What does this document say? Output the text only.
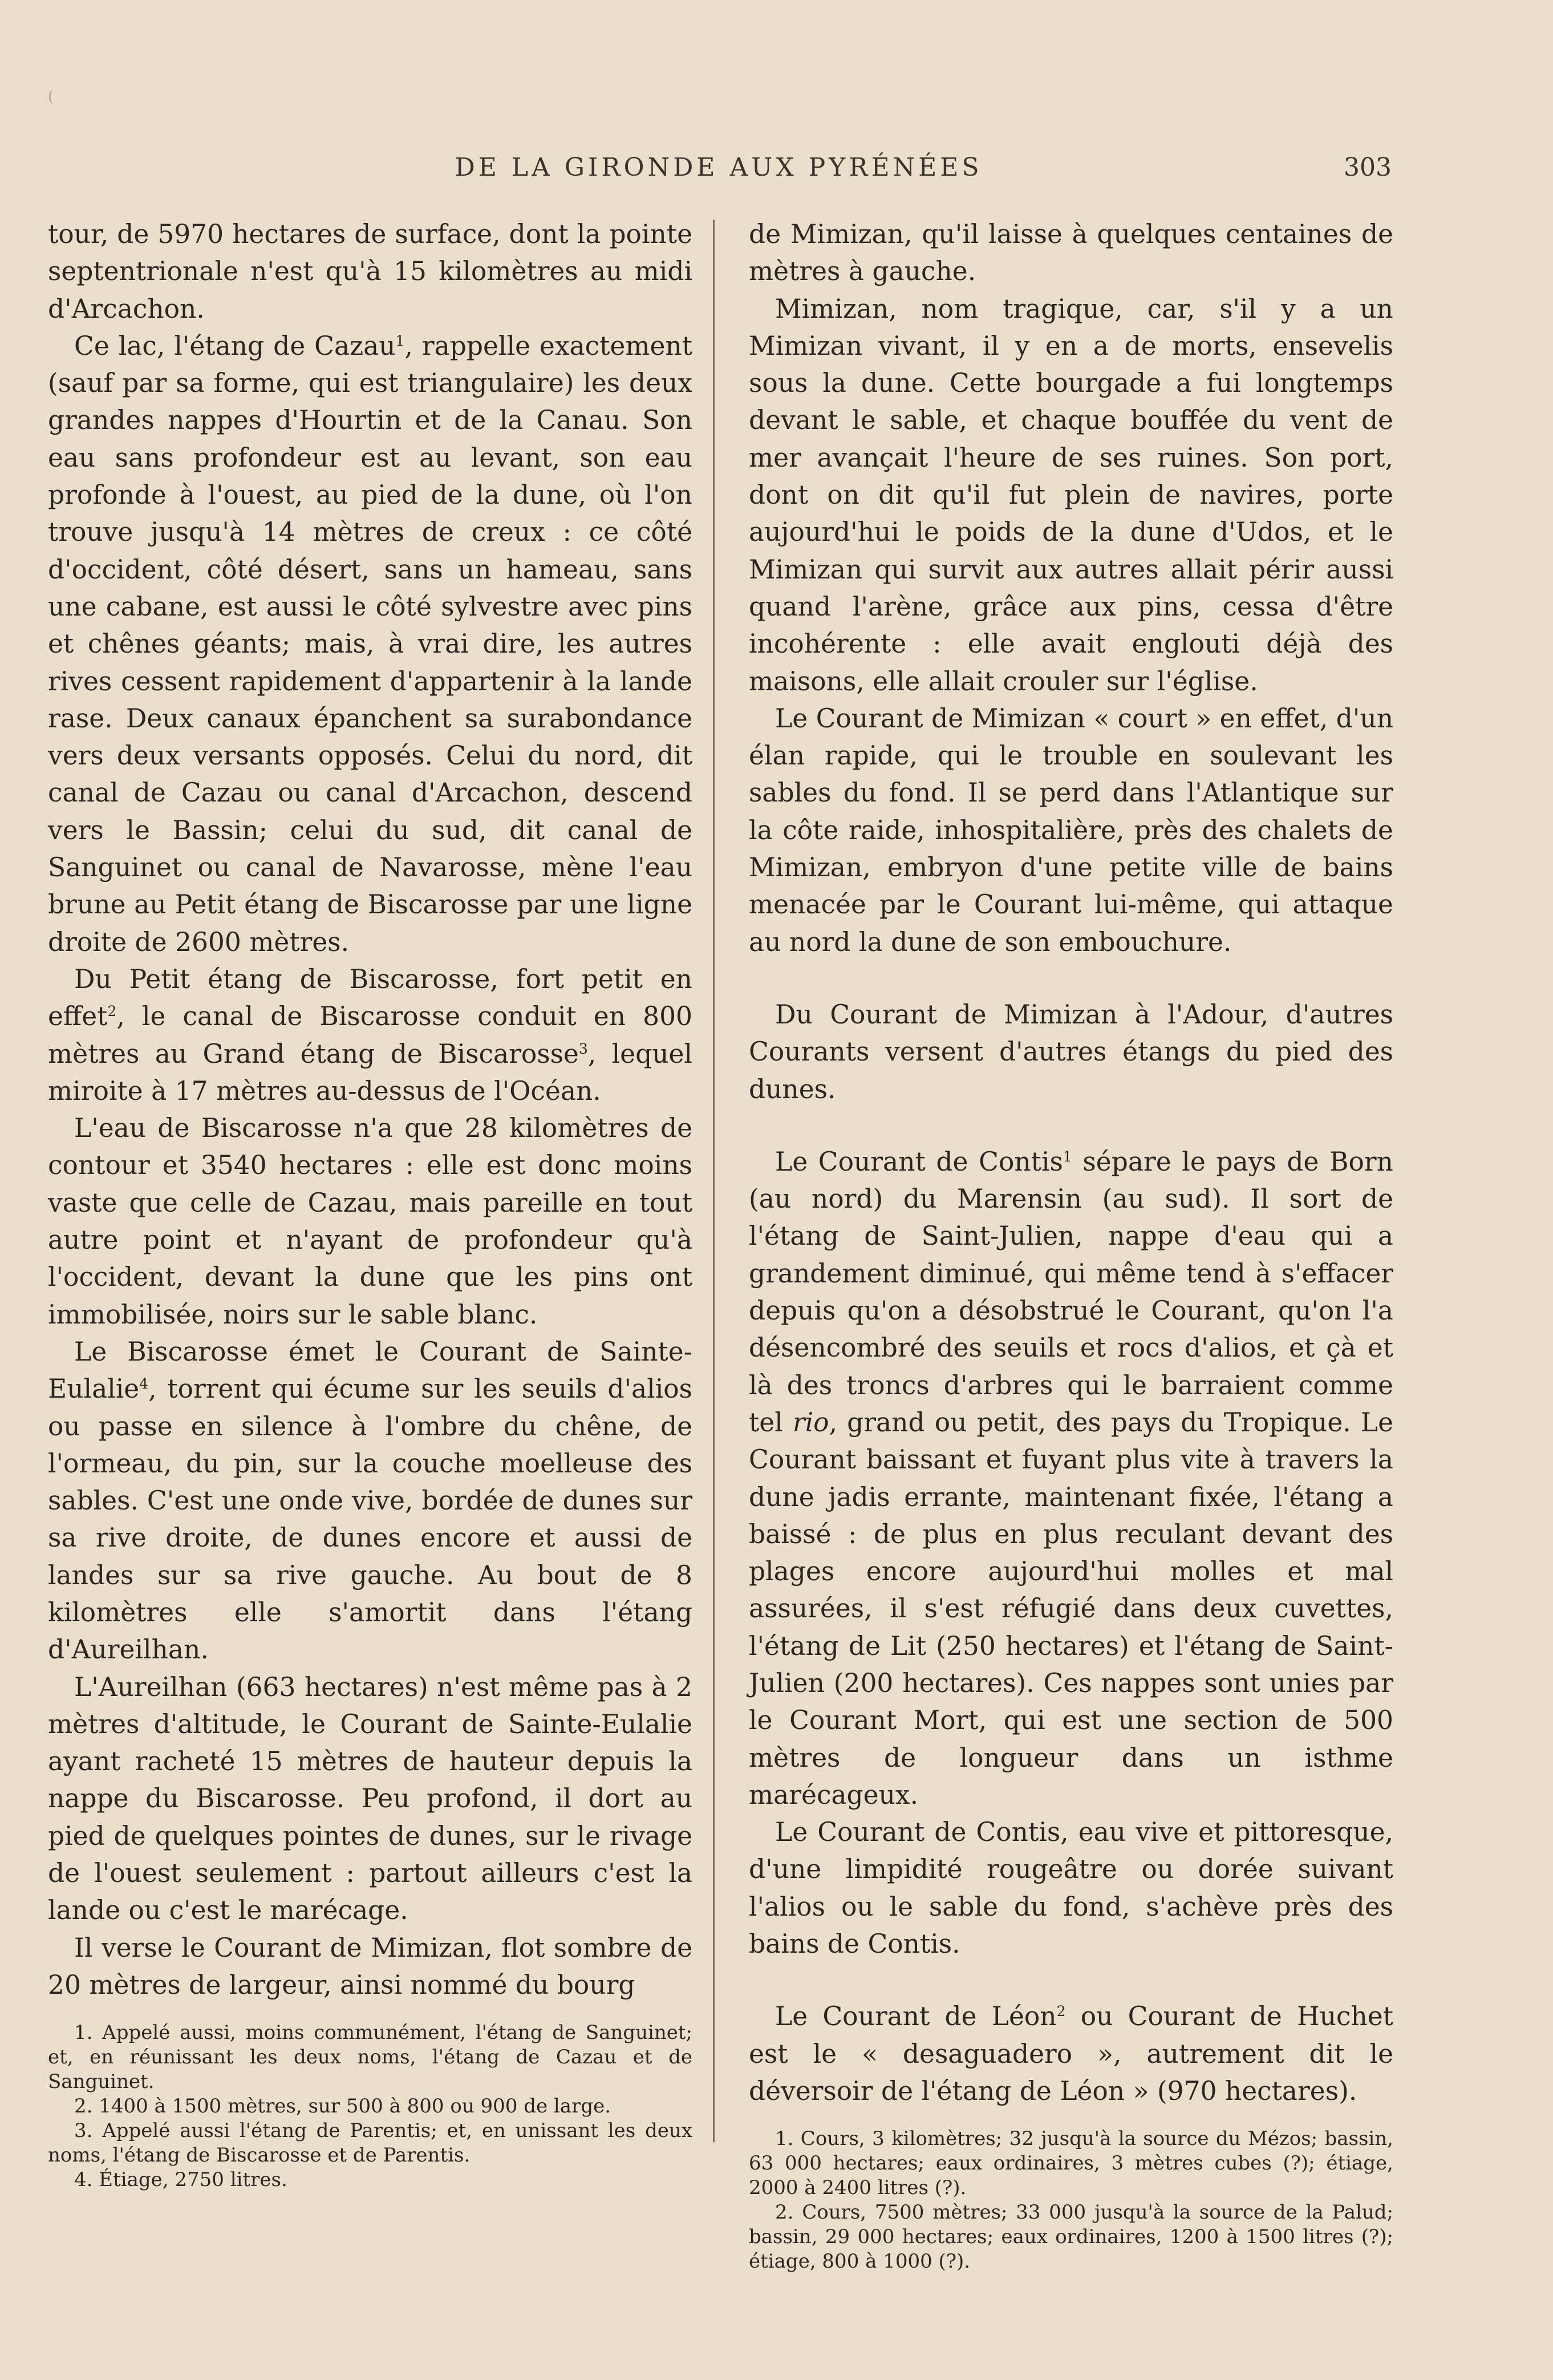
DE LA GIRONDE AUX PYRÉNÉES	303

tour, de 5970 hectares de surface, dont la pointe septentrionale n'est qu'à 15 kilomètres au midi d'Arcachon.

Ce lac, l'étang de Cazau$^1$, rappelle exactement (sauf par sa forme, qui est triangulaire) les deux grandes nappes d'Hourtin et de la Canau. Son eau sans profondeur est au levant, son eau profonde à l'ouest, au pied de la dune, où l'on trouve jusqu'à 14 mètres de creux : ce côté d'occident, côté désert, sans un hameau, sans une cabane, est aussi le côté sylvestre avec pins et chênes géants; mais, à vrai dire, les autres rives cessent rapidement d'appartenir à la lande rase. Deux canaux épanchent sa surabondance vers deux versants opposés. Celui du nord, dit canal de Cazau ou canal d'Arcachon, descend vers le Bassin; celui du sud, dit canal de Sanguinet ou canal de Navarosse, mène l'eau brune au Petit étang de Biscarosse par une ligne droite de 2600 mètres.

Du Petit étang de Biscarosse, fort petit en effet$^2$, le canal de Biscarosse conduit en 800 mètres au Grand étang de Biscarosse$^3$, lequel miroite à 17 mètres au-dessus de l'Océan.

L'eau de Biscarosse n'a que 28 kilomètres de contour et 3540 hectares : elle est donc moins vaste que celle de Cazau, mais pareille en tout autre point et n'ayant de profondeur qu'à l'occident, devant la dune que les pins ont immobilisée, noirs sur le sable blanc.

Le Biscarosse émet le Courant de Sainte-Eulalie$^4$, torrent qui écume sur les seuils d'alios ou passe en silence à l'ombre du chêne, de l'ormeau, du pin, sur la couche moelleuse des sables. C'est une onde vive, bordée de dunes sur sa rive droite, de dunes encore et aussi de landes sur sa rive gauche. Au bout de 8 kilomètres elle s'amortit dans l'étang d'Aureilhan.

L'Aureilhan (663 hectares) n'est même pas à 2 mètres d'altitude, le Courant de Sainte-Eulalie ayant racheté 15 mètres de hauteur depuis la nappe du Biscarosse. Peu profond, il dort au pied de quelques pointes de dunes, sur le rivage de l'ouest seulement : partout ailleurs c'est la lande ou c'est le marécage.

Il verse le Courant de Mimizan, flot sombre de 20 mètres de largeur, ainsi nommé du bourg

1. Appelé aussi, moins communément, l'étang de Sanguinet; et, en réunissant les deux noms, l'étang de Cazau et de Sanguinet.

2. 1400 à 1500 mètres, sur 500 à 800 ou 900 de large.

3. Appelé aussi l'étang de Parentis; et, en unissant les deux noms, l'étang de Biscarosse et de Parentis.

4. Étiage, 2750 litres.

de Mimizan, qu'il laisse à quelques centaines de mètres à gauche.

Mimizan, nom tragique, car, s'il y a un Mimizan vivant, il y en a de morts, ensevelis sous la dune. Cette bourgade a fui longtemps devant le sable, et chaque bouffée du vent de mer avançait l'heure de ses ruines. Son port, dont on dit qu'il fut plein de navires, porte aujourd'hui le poids de la dune d'Udos, et le Mimizan qui survit aux autres allait périr aussi quand l'arène, grâce aux pins, cessa d'être incohérente : elle avait englouti déjà des maisons, elle allait crouler sur l'église.

Le Courant de Mimizan « court » en effet, d'un élan rapide, qui le trouble en soulevant les sables du fond. Il se perd dans l'Atlantique sur la côte raide, inhospitalière, près des chalets de Mimizan, embryon d'une petite ville de bains menacée par le Courant lui-même, qui attaque au nord la dune de son embouchure.

Du Courant de Mimizan à l'Adour, d'autres Courants versent d'autres étangs du pied des dunes.

Le Courant de Contis$^1$ sépare le pays de Born (au nord) du Marensin (au sud). Il sort de l'étang de Saint-Julien, nappe d'eau qui a grandement diminué, qui même tend à s'effacer depuis qu'on a désobstrué le Courant, qu'on l'a désencombré des seuils et rocs d'alios, et çà et là des troncs d'arbres qui le barraient comme tel rio, grand ou petit, des pays du Tropique. Le Courant baissant et fuyant plus vite à travers la dune jadis errante, maintenant fixée, l'étang a baissé : de plus en plus reculant devant des plages encore aujourd'hui molles et mal assurées, il s'est réfugié dans deux cuvettes, l'étang de Lit (250 hectares) et l'étang de Saint-Julien (200 hectares). Ces nappes sont unies par le Courant Mort, qui est une section de 500 mètres de longueur dans un isthme marécageux.

Le Courant de Contis, eau vive et pittoresque, d'une limpidité rougeâtre ou dorée suivant l'alios ou le sable du fond, s'achève près des bains de Contis.

Le Courant de Léon$^2$ ou Courant de Huchet est le « desaguadero », autrement dit le déversoir de l'étang de Léon » (970 hectares).

1. Cours, 3 kilomètres; 32 jusqu'à la source du Mézos; bassin, 63 000 hectares; eaux ordinaires, 3 mètres cubes (?); étiage, 2000 à 2400 litres (?).

2. Cours, 7500 mètres; 33 000 jusqu'à la source de la Palud; bassin, 29 000 hectares; eaux ordinaires, 1200 à 1500 litres (?); étiage, 800 à 1000 (?).
